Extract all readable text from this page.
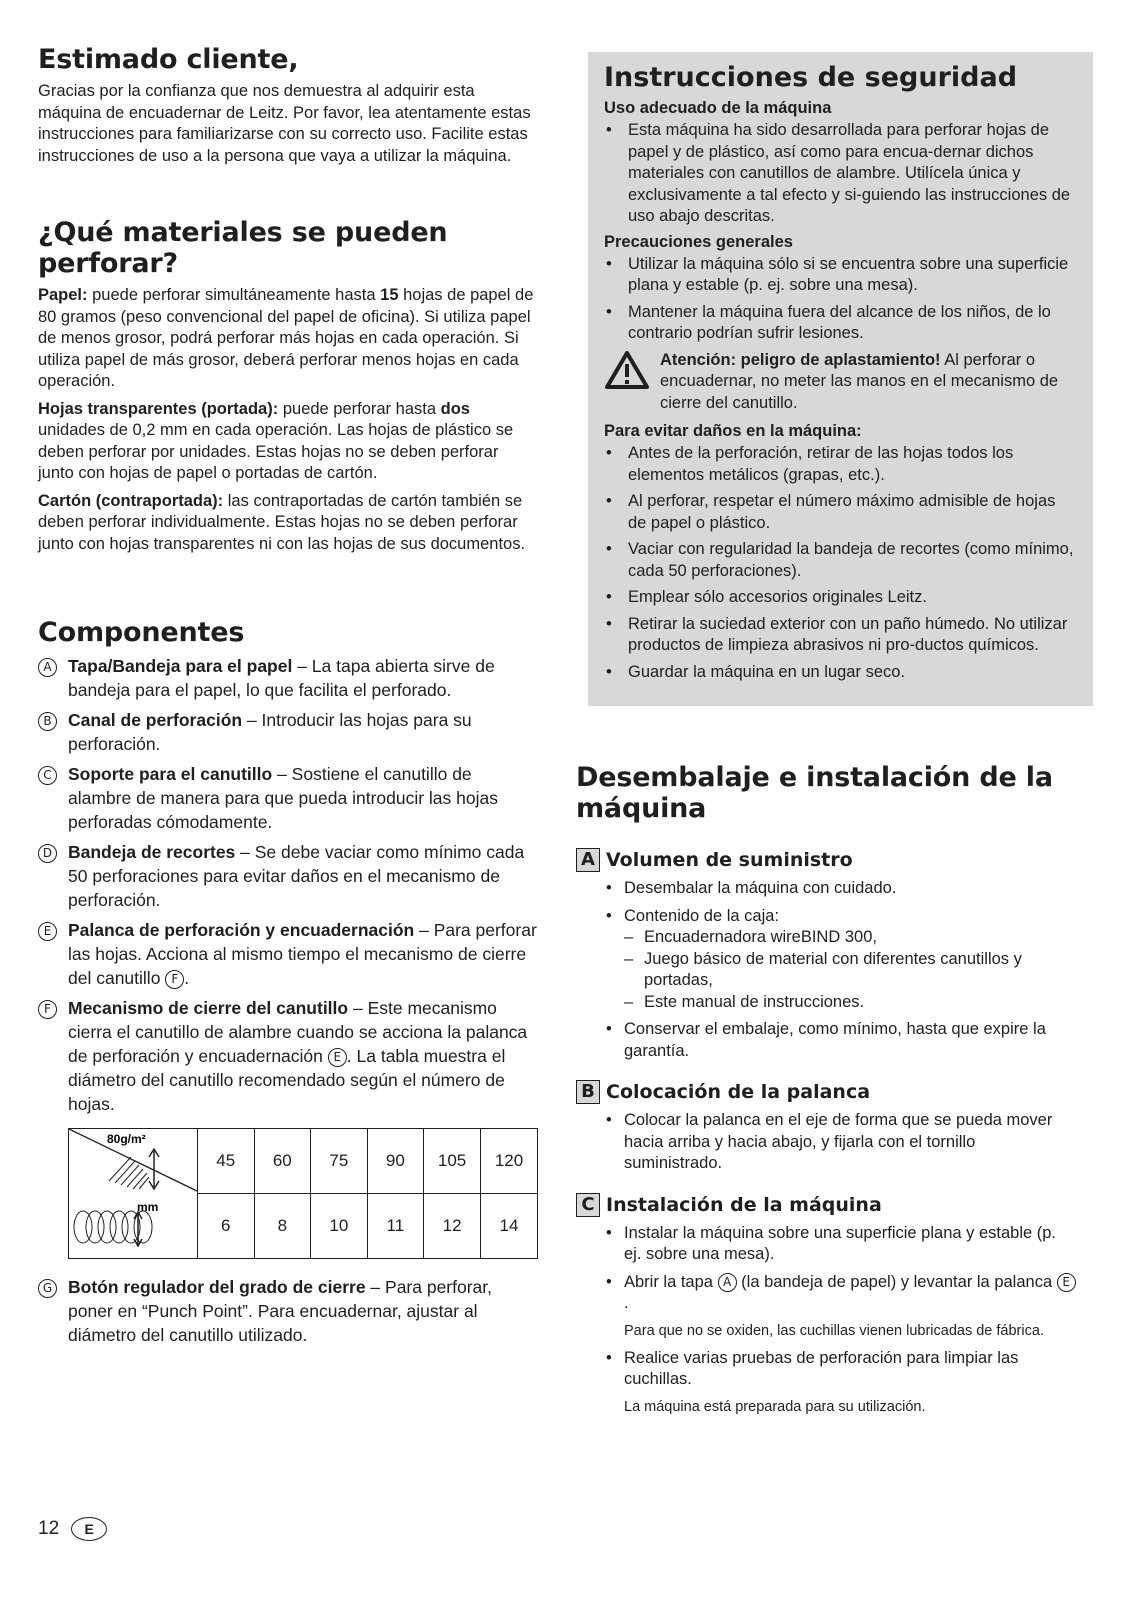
Estimado cliente,

Gracias por la confianza que nos demuestra al adquirir esta máquina de encuadernar de Leitz. Por favor, lea atentamente estas instrucciones para familiarizarse con su correcto uso. Facilite estas instrucciones de uso a la persona que vaya a utilizar la máquina.

¿Qué materiales se pueden perforar?

Papel: puede perforar simultáneamente hasta 15 hojas de papel de 80 gramos (peso convencional del papel de oficina). Si utiliza papel de menos grosor, podrá perforar más hojas en cada operación. Si utiliza papel de más grosor, deberá perforar menos hojas en cada operación.

Hojas transparentes (portada): puede perforar hasta dos unidades de 0,2 mm en cada operación. Las hojas de plástico se deben perforar por unidades. Estas hojas no se deben perforar junto con hojas de papel o portadas de cartón.

Cartón (contraportada): las contraportadas de cartón también se deben perforar individualmente. Estas hojas no se deben perforar junto con hojas transparentes ni con las hojas de sus documentos.

Componentes
A Tapa/Bandeja para el papel – La tapa abierta sirve de bandeja para el papel, lo que facilita el perforado.
B Canal de perforación – Introducir las hojas para su perforación.
C Soporte para el canutillo – Sostiene el canutillo de alambre de manera para que pueda introducir las hojas perforadas cómodamente.
D Bandeja de recortes – Se debe vaciar como mínimo cada 50 perforaciones para evitar daños en el mecanismo de perforación.
E Palanca de perforación y encuadernación – Para perforar las hojas. Acciona al mismo tiempo el mecanismo de cierre del canutillo F .
F Mecanismo de cierre del canutillo – Este mecanismo cierra el canutillo de alambre cuando se acciona la palanca de perforación y encuadernación E . La tabla muestra el diámetro del canutillo recomendado según el número de hojas.
80g/m²
mm	45	60	75	90	105	120
	6	8	10	11	12	14
G Botón regulador del grado de cierre – Para perforar, poner en “Punch Point”. Para encuadernar, ajustar al diámetro del canutillo utilizado.
Instrucciones de seguridad
Uso adecuado de la máquina
• Esta máquina ha sido desarrollada para perforar hojas de papel y de plástico, así como para encua-dernar dichos materiales con canutillos de alambre. Utilícela única y exclusivamente a tal efecto y si-guiendo las instrucciones de uso abajo descritas.
Precauciones generales
• Utilizar la máquina sólo si se encuentra sobre una superficie plana y estable (p. ej. sobre una mesa).
• Mantener la máquina fuera del alcance de los niños, de lo contrario podrían sufrir lesiones.
Atención: peligro de aplastamiento! Al perforar o encuadernar, no meter las manos en el mecanismo de cierre del canutillo.
Para evitar daños en la máquina:
• Antes de la perforación, retirar de las hojas todos los elementos metálicos (grapas, etc.).
• Al perforar, respetar el número máximo admisible de hojas de papel o plástico.
• Vaciar con regularidad la bandeja de recortes (como mínimo, cada 50 perforaciones).
• Emplear sólo accesorios originales Leitz.
• Retirar la suciedad exterior con un paño húmedo. No utilizar productos de limpieza abrasivos ni pro-ductos químicos.
• Guardar la máquina en un lugar seco.
Desembalaje e instalación de la máquina
A Volumen de suministro
• Desembalar la máquina con cuidado.
• Contenido de la caja:
– Encuadernadora wireBIND 300,
– Juego básico de material con diferentes canutillos y portadas,
– Este manual de instrucciones.
• Conservar el embalaje, como mínimo, hasta que expire la garantía.
B Colocación de la palanca
• Colocar la palanca en el eje de forma que se pueda mover hacia arriba y hacia abajo, y fijarla con el tornillo suministrado.
C Instalación de la máquina
• Instalar la máquina sobre una superficie plana y estable (p. ej. sobre una mesa).
• Abrir la tapa A (la bandeja de papel) y levantar la palanca E.

Para que no se oxiden, las cuchillas vienen lubricadas de fábrica.

• Realice varias pruebas de perforación para limpiar las cuchillas.

La máquina está preparada para su utilización.

12	E
